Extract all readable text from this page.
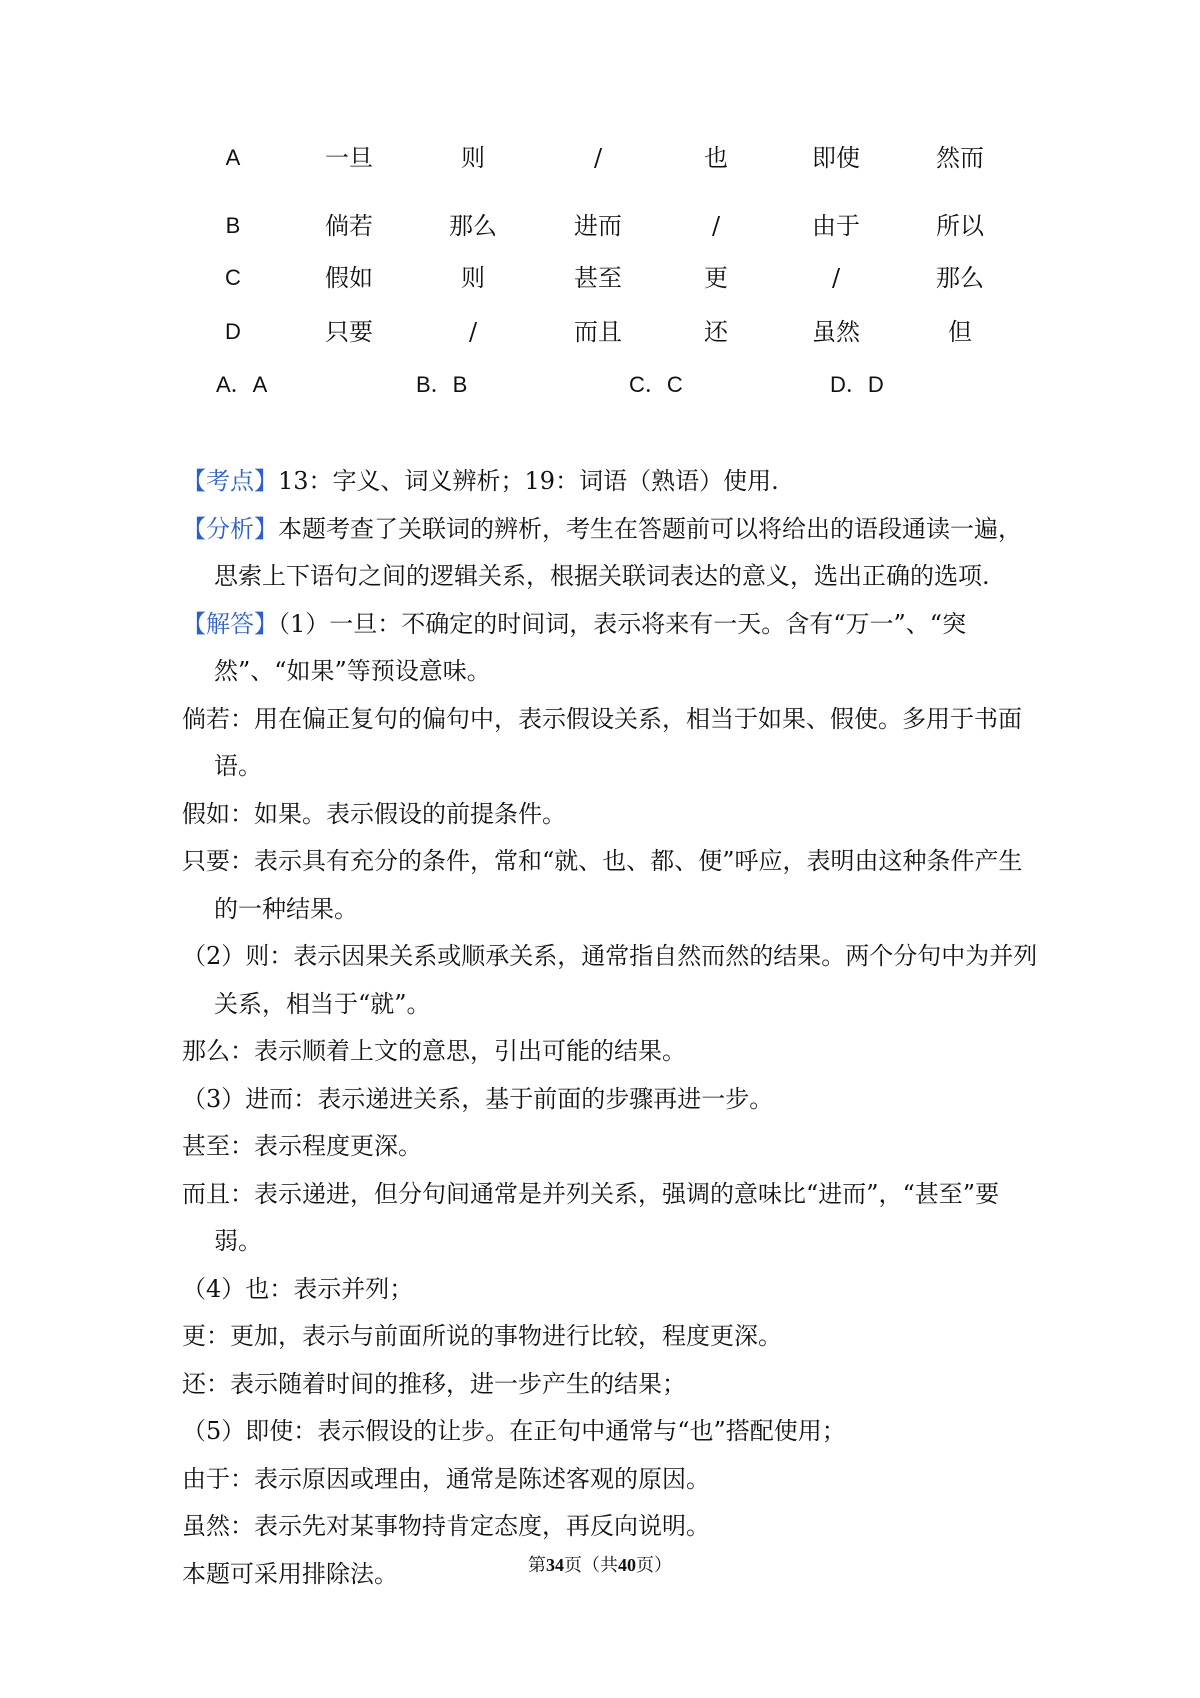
A	一旦	则	/	也	即使	然而
B	倘若	那么	进而	/	由于	所以
C	假如	则	甚至	更	/	那么
D	只要	/	而且	还	虽然	但
A．A	B．B	C．C	D．D

【考点】13：字义、词义辨析；19：词语（熟语）使用.

【分析】本题考查了关联词的辨析，考生在答题前可以将给出的语段通读一遍，思索上下语句之间的逻辑关系，根据关联词表达的意义，选出正确的选项.

【解答】（1）一旦：不确定的时间词，表示将来有一天。含有“万一”、“突然”、“如果”等预设意味。

倘若：用在偏正复句的偏句中，表示假设关系，相当于如果、假使。多用于书面语。

假如：如果。表示假设的前提条件。

只要：表示具有充分的条件，常和“就、也、都、便”呼应，表明由这种条件产生的一种结果。

（2）则：表示因果关系或顺承关系，通常指自然而然的结果。两个分句中为并列关系，相当于“就”。

那么：表示顺着上文的意思，引出可能的结果。

（3）进而：表示递进关系，基于前面的步骤再进一步。

甚至：表示程度更深。

而且：表示递进，但分句间通常是并列关系，强调的意味比“进而”，“甚至”要弱。

（4）也：表示并列；

更：更加，表示与前面所说的事物进行比较，程度更深。

还：表示随着时间的推移，进一步产生的结果；

（5）即使：表示假设的让步。在正句中通常与“也”搭配使用；

由于：表示原因或理由，通常是陈述客观的原因。

虽然：表示先对某事物持肯定态度，再反向说明。

本题可采用排除法。	第34页（共40页）
